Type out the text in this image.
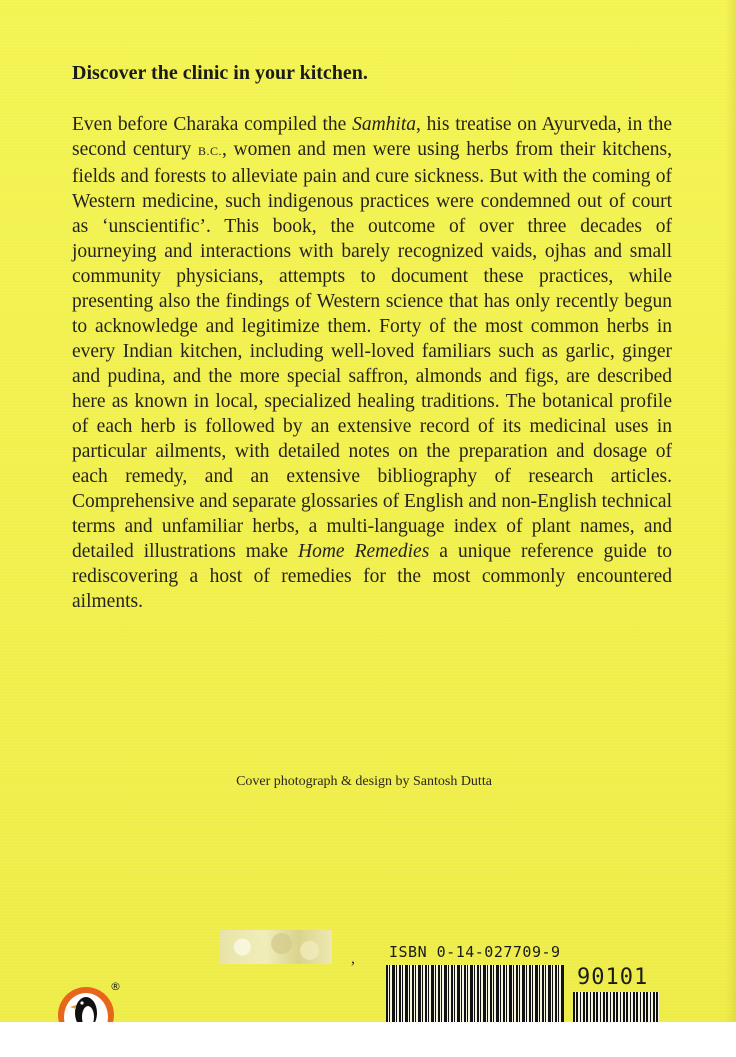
Discover the clinic in your kitchen.

Even before Charaka compiled the Samhita, his treatise on Ayurveda, in the second century B.C., women and men were using herbs from their kitchens, fields and forests to alleviate pain and cure sickness. But with the coming of Western medicine, such indigenous practices were condemned out of court as ‘unscientific’. This book, the outcome of over three decades of journeying and interactions with barely recognized vaids, ojhas and small community physicians, attempts to document these practices, while presenting also the findings of Western science that has only recently begun to acknowledge and legitimize them. Forty of the most common herbs in every Indian kitchen, including well-loved familiars such as garlic, ginger and pudina, and the more special saffron, almonds and figs, are described here as known in local, specialized healing traditions. The botanical profile of each herb is followed by an extensive record of its medicinal uses in particular ailments, with detailed notes on the preparation and dosage of each remedy, and an extensive bibliography of research articles. Comprehensive and separate glossaries of English and non-English technical terms and unfamiliar herbs, a multi-language index of plant names, and detailed illustrations make Home Remedies a unique reference guide to rediscovering a host of remedies for the most commonly encountered ailments.

Cover photograph & design by Santosh Dutta
, ISBN 0-14-027709-9
90101
®
